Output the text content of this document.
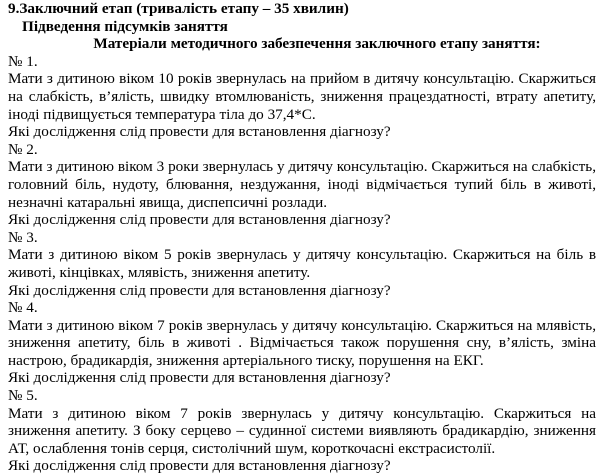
9.Заключний етап (тривалість етапу – 35 хвилин)
Підведення підсумків заняття
Матеріали методичного забезпечення заключного етапу заняття:
№ 1.
Мати з дитиною віком 10 років звернулась на прийом в дитячу консультацію. Скаржиться на слабкість, в’ялість, швидку втомлюваність, зниження працездатності, втрату апетиту, іноді підвищується температура тіла до 37,4*С.
Які дослідження слід провести для встановлення діагнозу?
№ 2.
Мати з дитиною віком 3 роки звернулась у дитячу консультацію. Скаржиться на слабкість, головний біль, нудоту, блювання, нездужання, іноді відмічається тупий біль в животі, незначні катаральні явища, диспепсичні розлади.
Які дослідження слід провести для встановлення діагнозу?
№ 3.
Мати з дитиною віком 5 років звернулась у дитячу консультацію. Скаржиться на біль в животі, кінцівках, млявість, зниження апетиту.
Які дослідження слід провести для встановлення діагнозу?
№ 4.
Мати з дитиною віком 7 років звернулась у дитячу консультацію. Скаржиться на млявість, зниження апетиту, біль в животі . Відмічається також порушення сну, в’ялість, зміна настрою, брадикардія, зниження артеріального тиску, порушення на ЕКГ.
Які дослідження слід провести для встановлення діагнозу?
№ 5.
Мати з дитиною віком 7 років звернулась у дитячу консультацію. Скаржиться на зниження апетиту. З боку серцево – судинної системи виявляють брадикардію, зниження АТ, ослаблення тонів серця, систолічний шум, короткочасні екстрасистолії.
Які дослідження слід провести для встановлення діагнозу?
